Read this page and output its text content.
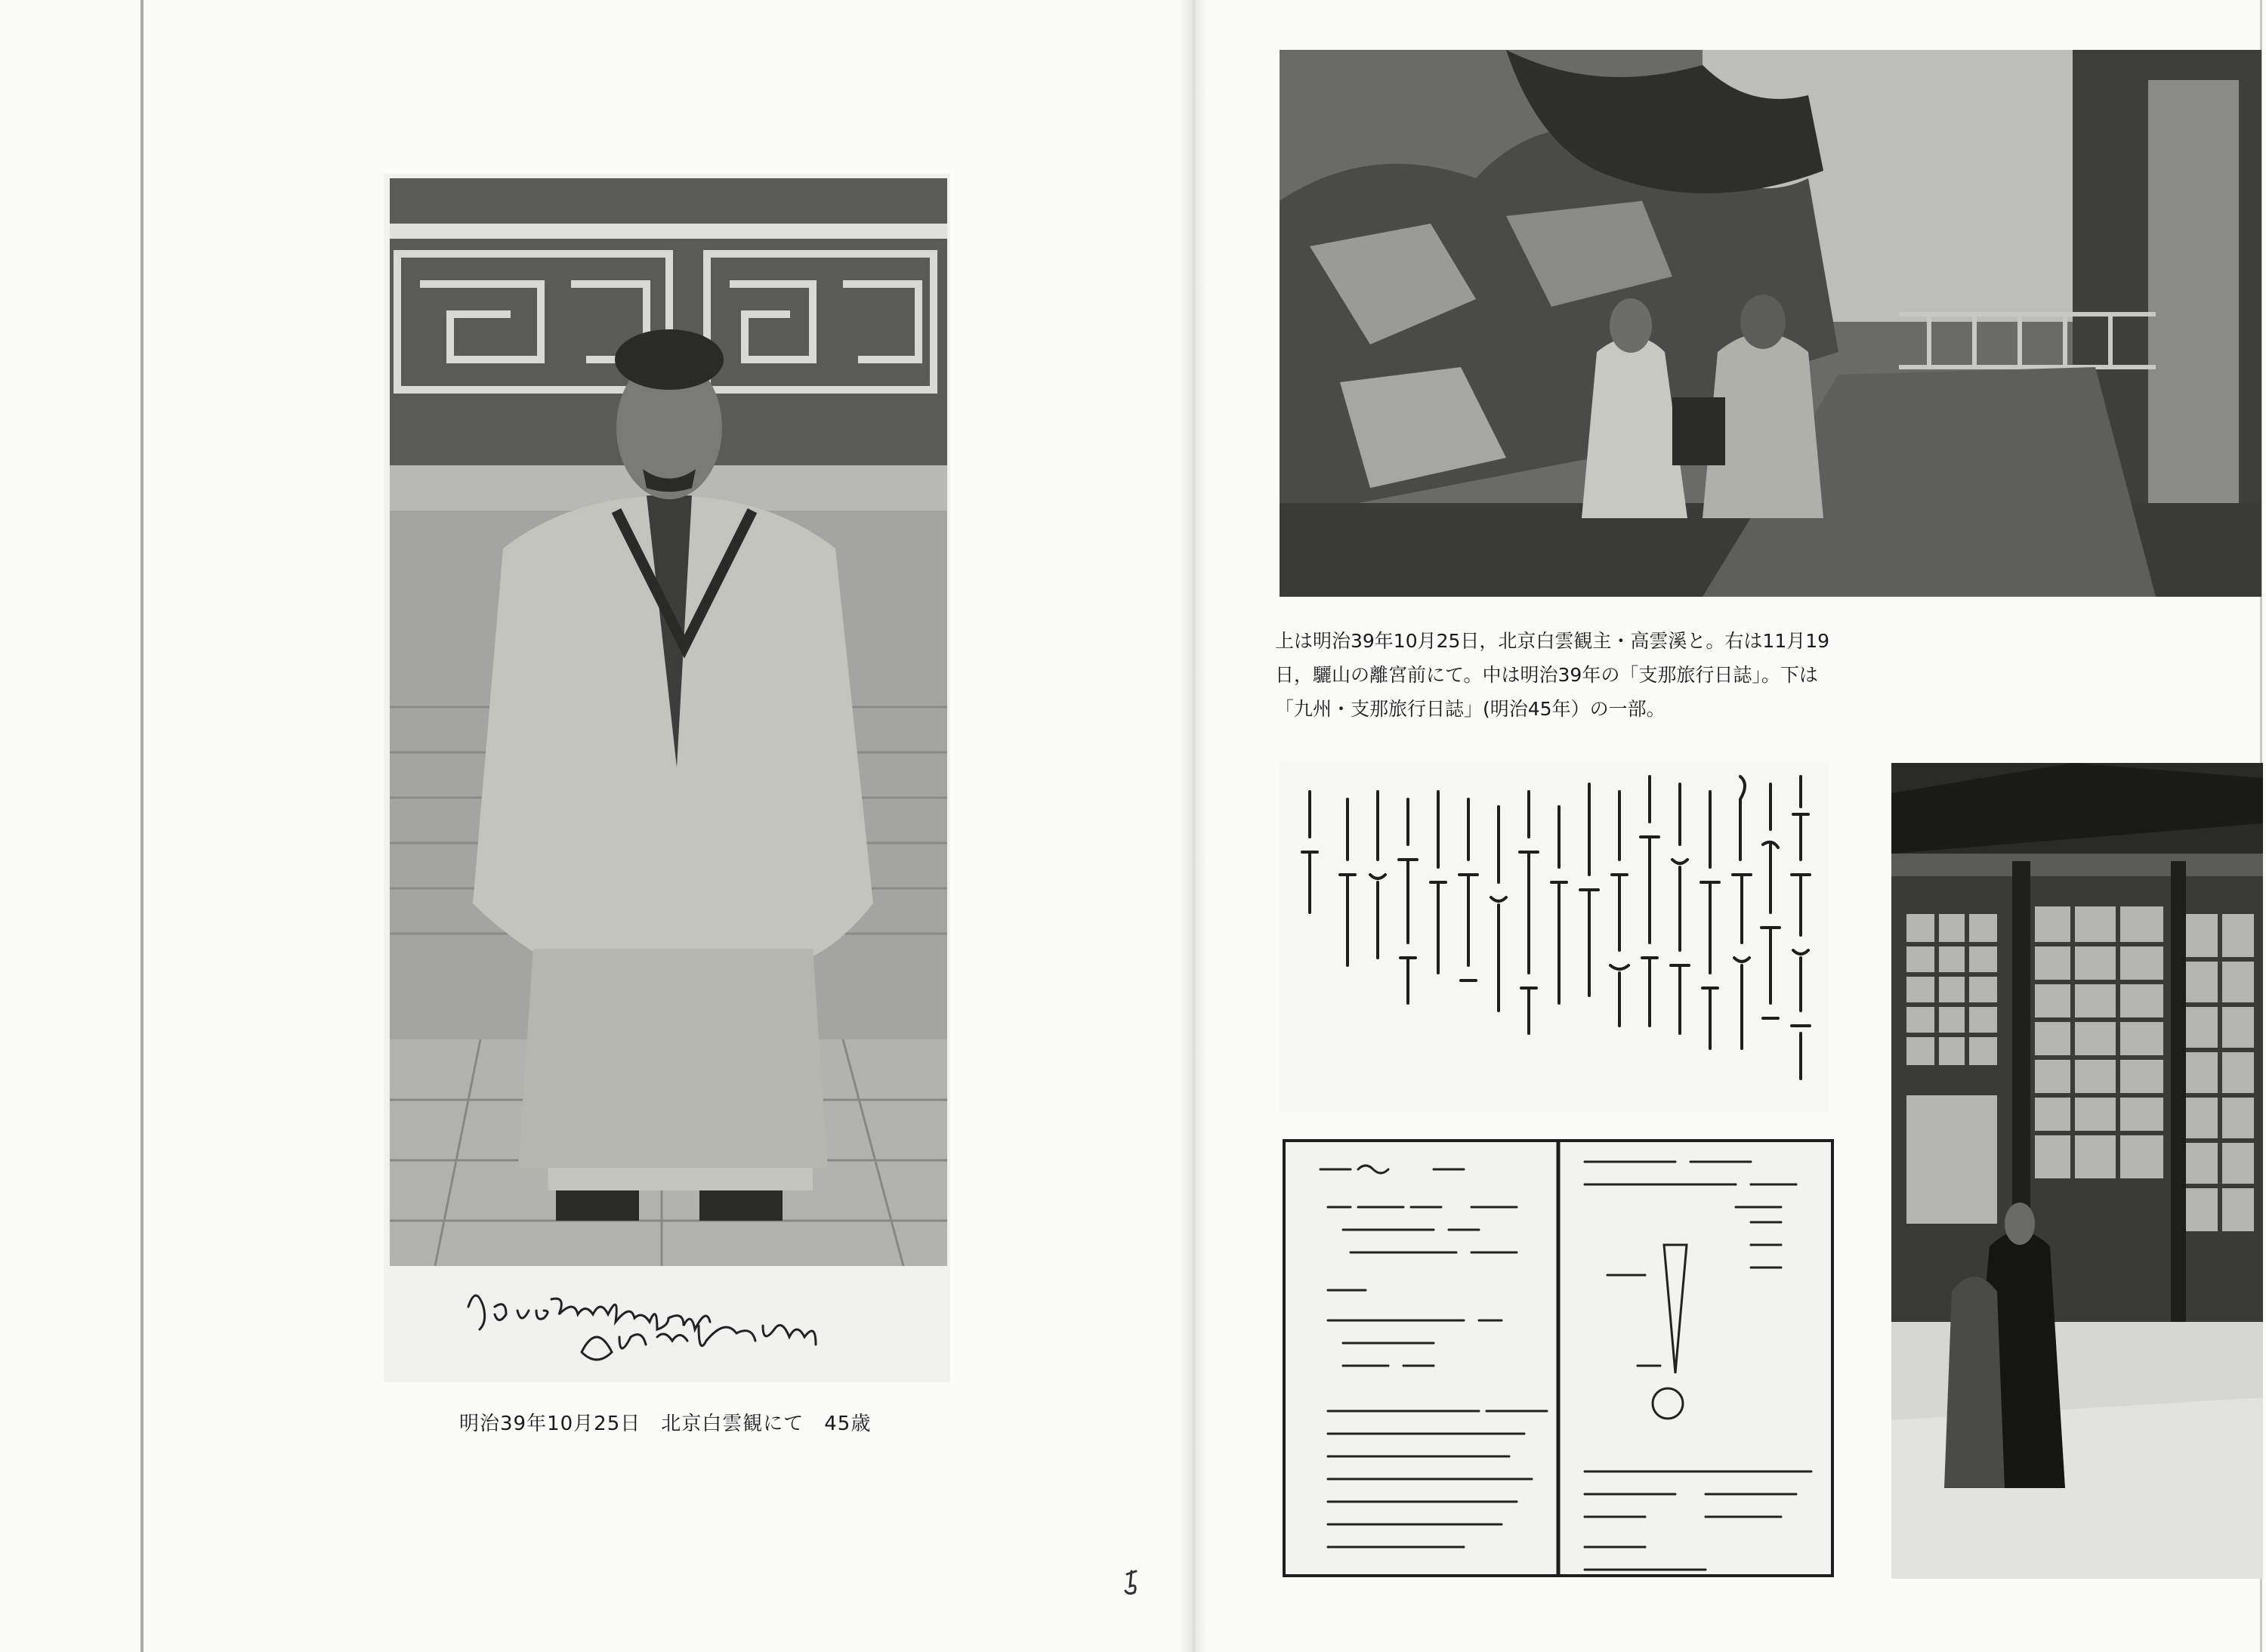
明治39年10月25日　北京白雲観にて　45歳
上は明治39年10月25日，北京白雲観主・高雲溪と。右は11月19
日，驪山の離宮前にて。中は明治39年の「支那旅行日誌」。下は
「九州・支那旅行日誌」(明治45年）の一部。
